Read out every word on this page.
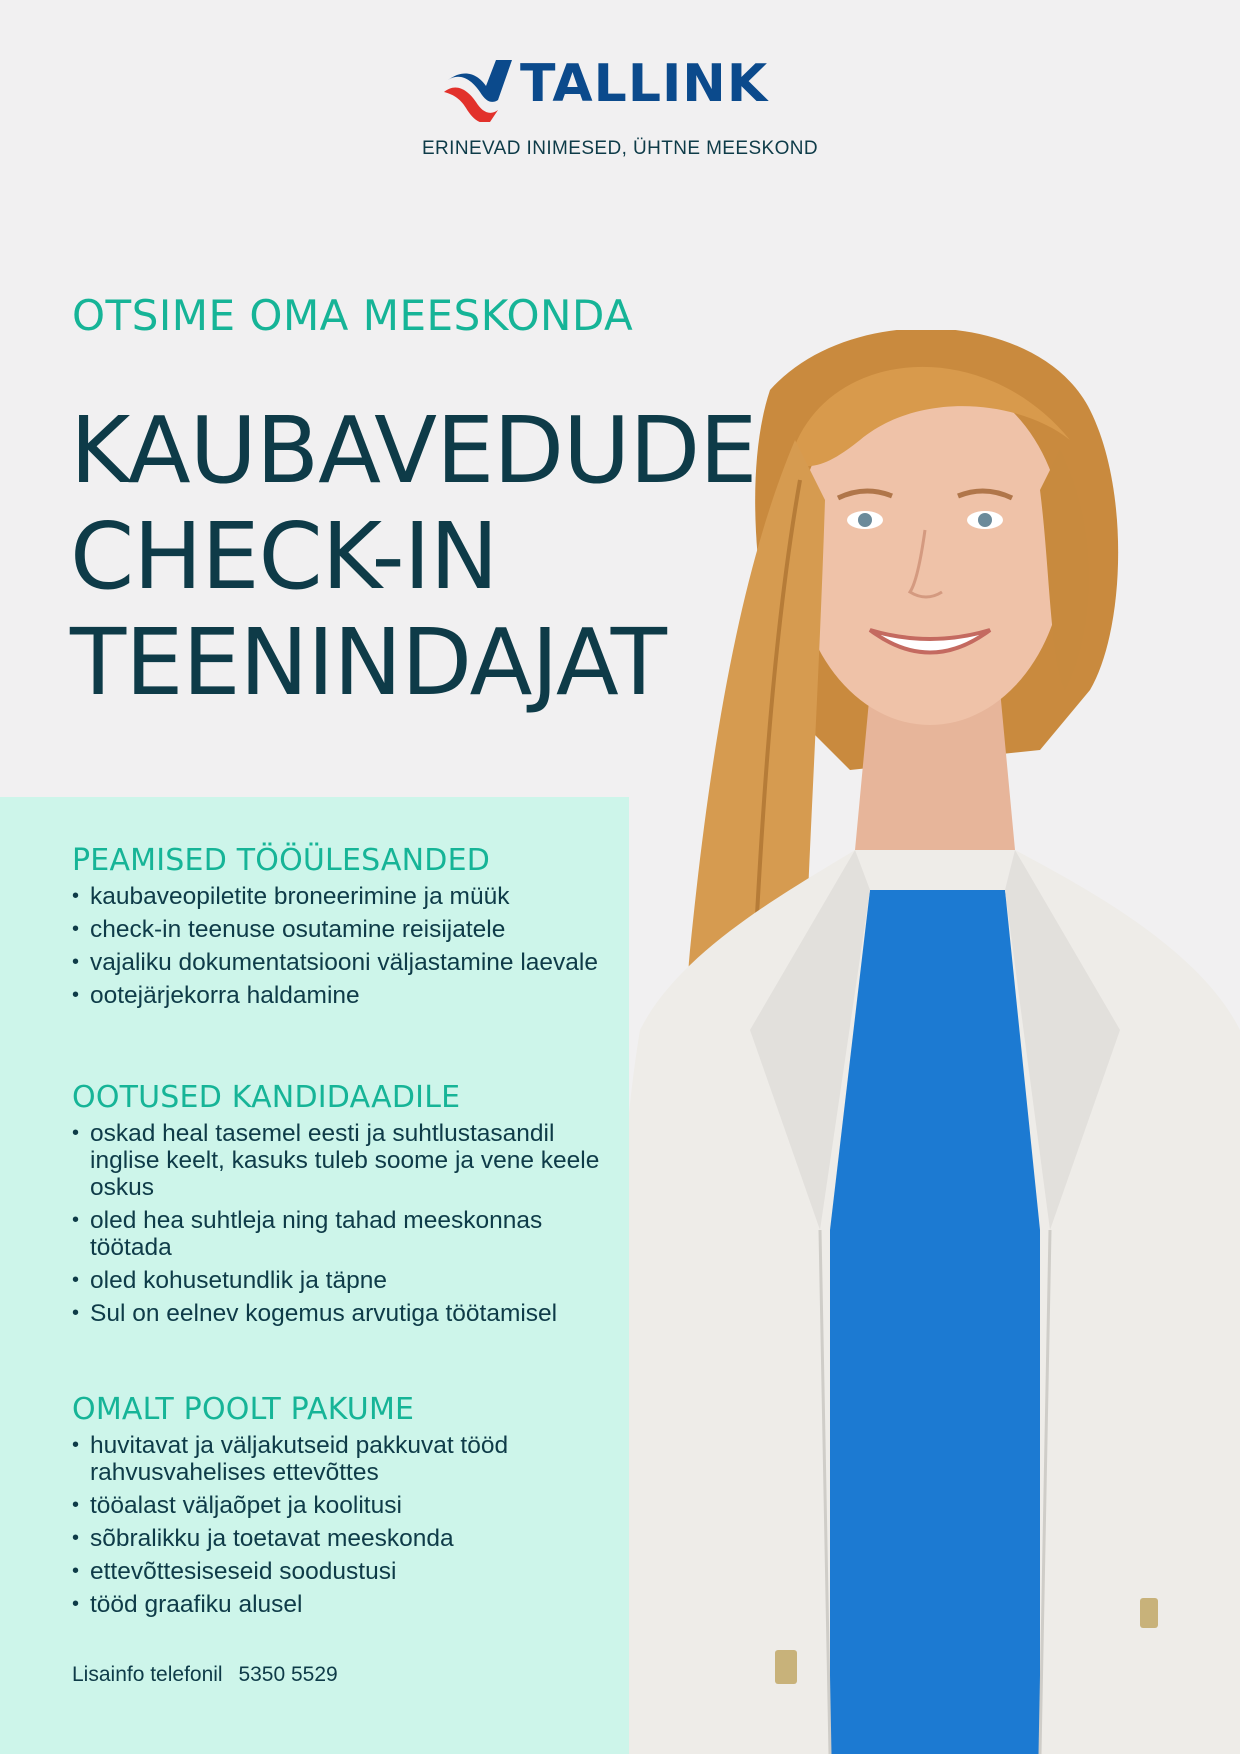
TALLINK
ERINEVAD INIMESED, ÜHTNE MEESKOND
OTSIME OMA MEESKONDA
KAUBAVEDUDE
CHECK-IN
TEENINDAJAT
PEAMISED TÖÖÜLESANDED
• kaubaveopiletite broneerimine ja müük
• check-in teenuse osutamine reisijatele
• vajaliku dokumentatsiooni väljastamine laevale
• ootejärjekorra haldamine
OOTUSED KANDIDAADILE
• oskad heal tasemel eesti ja suhtlustasandil inglise keelt, kasuks tuleb soome ja vene keele oskus
• oled hea suhtleja ning tahad meeskonnas töötada
• oled kohusetundlik ja täpne
• Sul on eelnev kogemus arvutiga töötamisel
OMALT POOLT PAKUME
• huvitavat ja väljakutseid pakkuvat tööd rahvusvahelises ettevõttes
• tööalast väljaõpet ja koolitusi
• sõbralikku ja toetavat meeskonda
• ettevõttesiseseid soodustusi
• tööd graafiku alusel
Lisainfo telefonil 5350 5529
